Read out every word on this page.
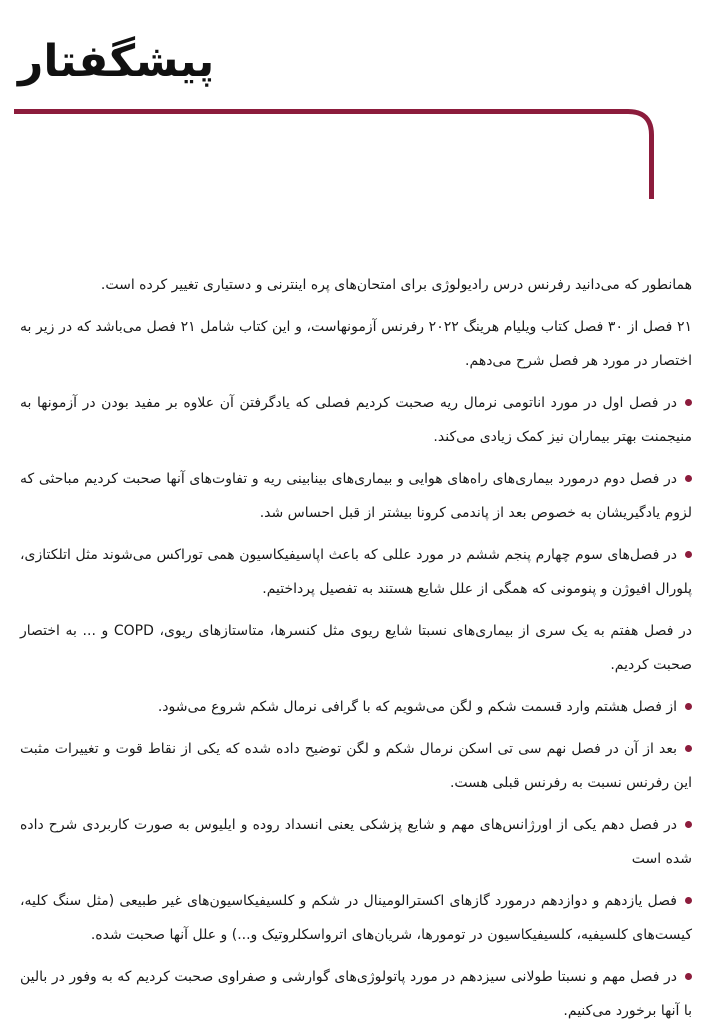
پیشگفتار

همانطور که می‌دانید رفرنس درس رادیولوژی برای امتحان‌های پره اینترنی و دستیاری تغییر کرده است.

۲۱ فصل از ۳۰ فصل کتاب ویلیام هرینگ ۲۰۲۲ رفرنس آزمونهاست، و این کتاب شامل ۲۱ فصل می‌باشد که در زیر به اختصار در مورد هر فصل شرح می‌دهم.

در فصل اول در مورد اناتومی نرمال ریه صحبت کردیم فصلی که یادگرفتن آن علاوه بر مفید بودن در آزمونها به منیجمنت بهتر بیماران نیز کمک زیادی می‌کند.
در فصل دوم درمورد بیماری‌های راه‌های هوایی و بیماری‌های بینابینی ریه و تفاوت‌های آنها صحبت کردیم مباحثی که لزوم یادگیریشان به خصوص بعد از پاندمی کرونا بیشتر از قبل احساس شد.
در فصل‌های سوم چهارم پنجم ششم در مورد عللی که باعث اپاسیفیکاسیون همی توراکس می‌شوند مثل اتلکتازی، پلورال افیوژن و پنومونی که همگی از علل شایع هستند به تفصیل پرداختیم.

در فصل هفتم به یک سری از بیماری‌های نسبتا شایع ریوی مثل کنسرها، متاستازهای ریوی، COPD و ... به اختصار صحبت کردیم.

از فصل هشتم وارد قسمت شکم و لگن می‌شویم که با گرافی نرمال شکم شروع می‌شود.
بعد از آن در فصل نهم سی تی اسکن نرمال شکم و لگن توضیح داده شده که یکی از نقاط قوت و تغییرات مثبت این رفرنس نسبت به رفرنس قبلی هست.
در فصل دهم یکی از اورژانس‌های مهم و شایع پزشکی یعنی انسداد روده و ایلیوس به صورت کاربردی شرح داده شده است
فصل یازدهم و دوازدهم درمورد گازهای اکسترالومینال در شکم و کلسیفیکاسیون‌های غیر طبیعی (مثل سنگ کلیه، کیست‌های کلسیفیه، کلسیفیکاسیون در تومورها، شریان‌های اترواسکلروتیک و...) و علل آنها صحبت شده.
در فصل مهم و نسبتا طولانی سیزدهم در مورد پاتولوژی‌های گوارشی و صفراوی صحبت کردیم که به وفور در بالین با آنها برخورد می‌کنیم.
